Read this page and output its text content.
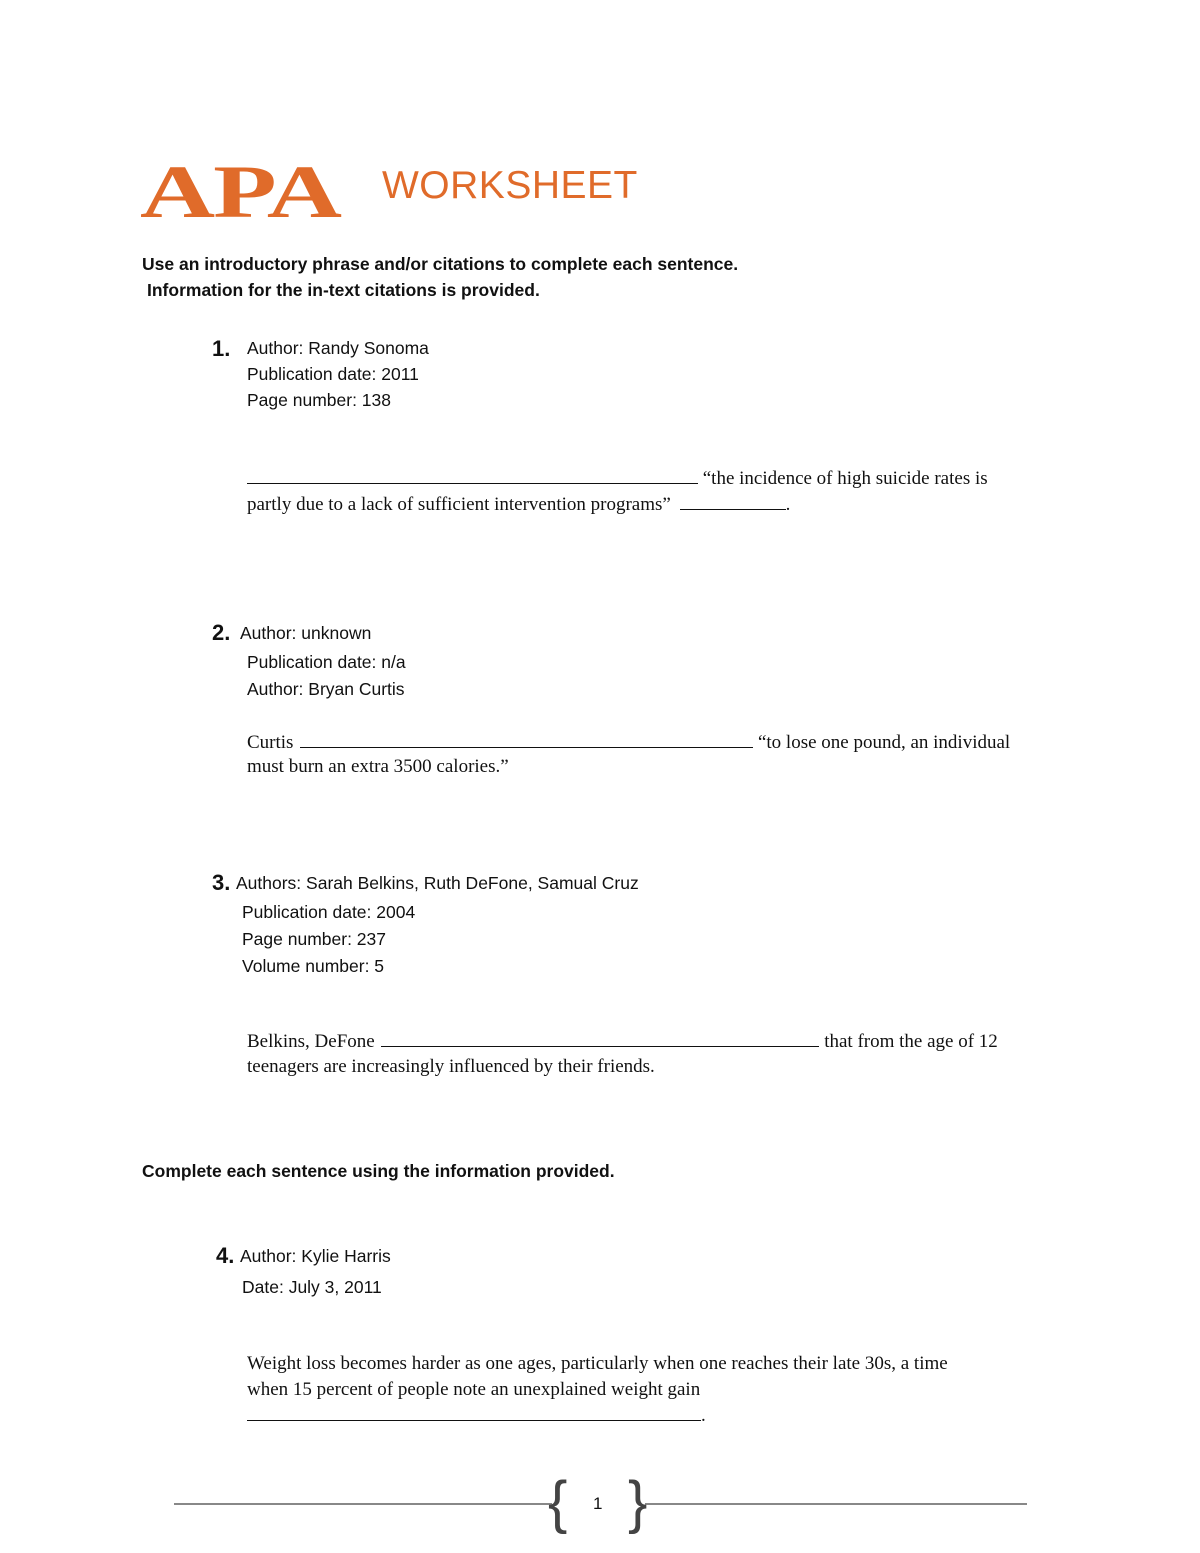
APA WORKSHEET
Use an introductory phrase and/or citations to complete each sentence.
Information for the in-text citations is provided.
1. Author: Randy Sonoma
Publication date: 2011
Page number: 138
“the incidence of high suicide rates is
partly due to a lack of sufficient intervention programs”	.
2. Author: unknown
Publication date: n/a
Author: Bryan Curtis
Curtis	“to lose one pound, an individual
must burn an extra 3500 calories.”
3. Authors: Sarah Belkins, Ruth DeFone, Samual Cruz
Publication date: 2004
Page number: 237
Volume number: 5
Belkins, DeFone	that from the age of 12
teenagers are increasingly influenced by their friends.
Complete each sentence using the information provided.
4. Author: Kylie Harris
Date: July 3, 2011
Weight loss becomes harder as one ages, particularly when one reaches their late 30s, a time
when 15 percent of people note an unexplained weight gain
.
{ }
1
